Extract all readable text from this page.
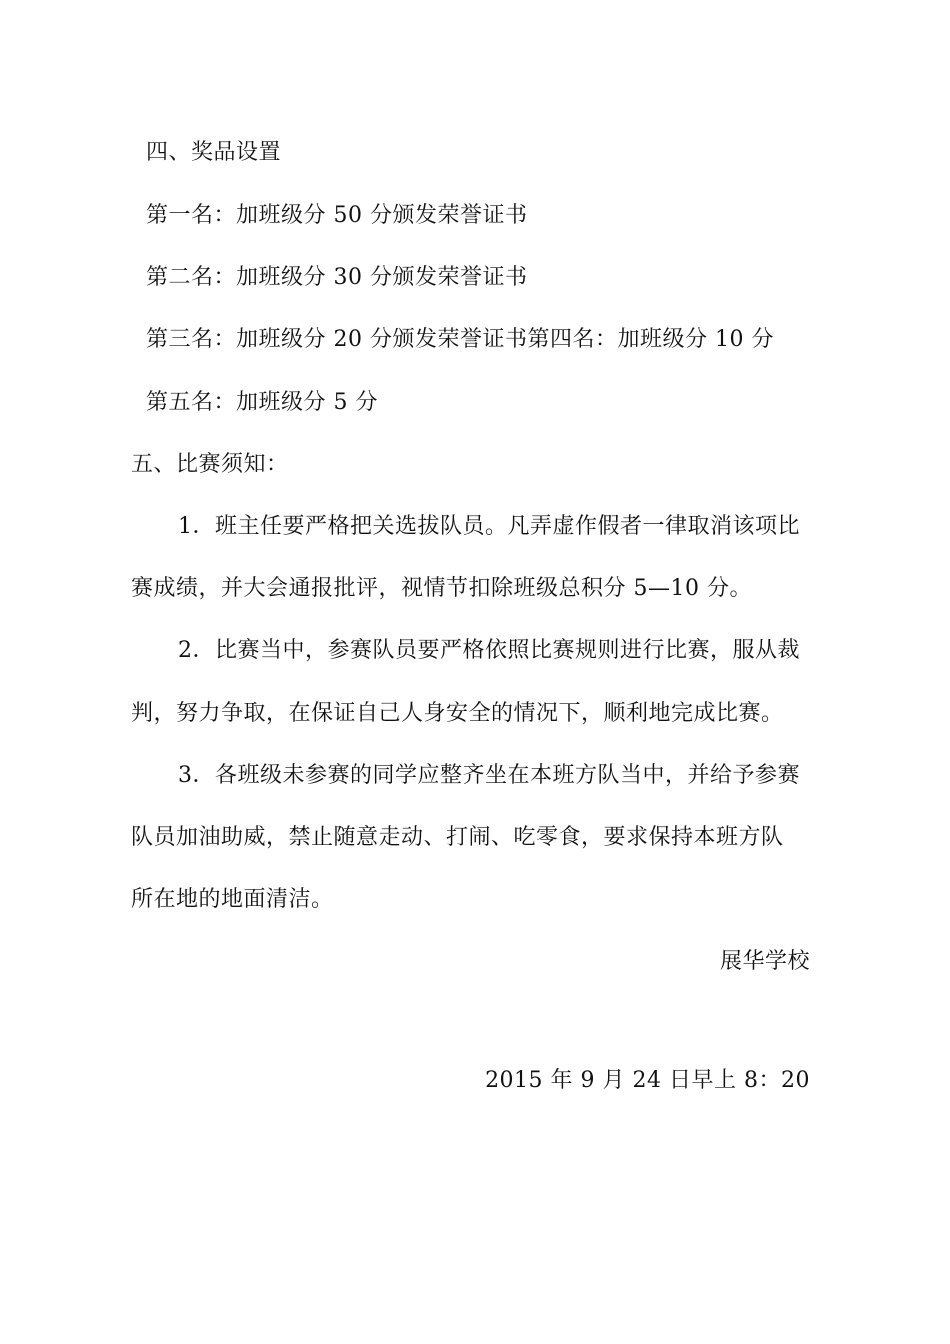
四、奖品设置
第一名：加班级分 50 分颁发荣誉证书
第二名：加班级分 30 分颁发荣誉证书
第三名：加班级分 20 分颁发荣誉证书第四名：加班级分 10 分
第五名：加班级分 5 分
五、比赛须知：
1．班主任要严格把关选拔队员。凡弄虚作假者一律取消该项比
赛成绩，并大会通报批评，视情节扣除班级总积分 5—10 分。
2．比赛当中，参赛队员要严格依照比赛规则进行比赛，服从裁
判，努力争取，在保证自己人身安全的情况下，顺利地完成比赛。
3．各班级未参赛的同学应整齐坐在本班方队当中，并给予参赛
队员加油助威，禁止随意走动、打闹、吃零食，要求保持本班方队
所在地的地面清洁。
展华学校
2015 年 9 月 24 日早上 8：20
